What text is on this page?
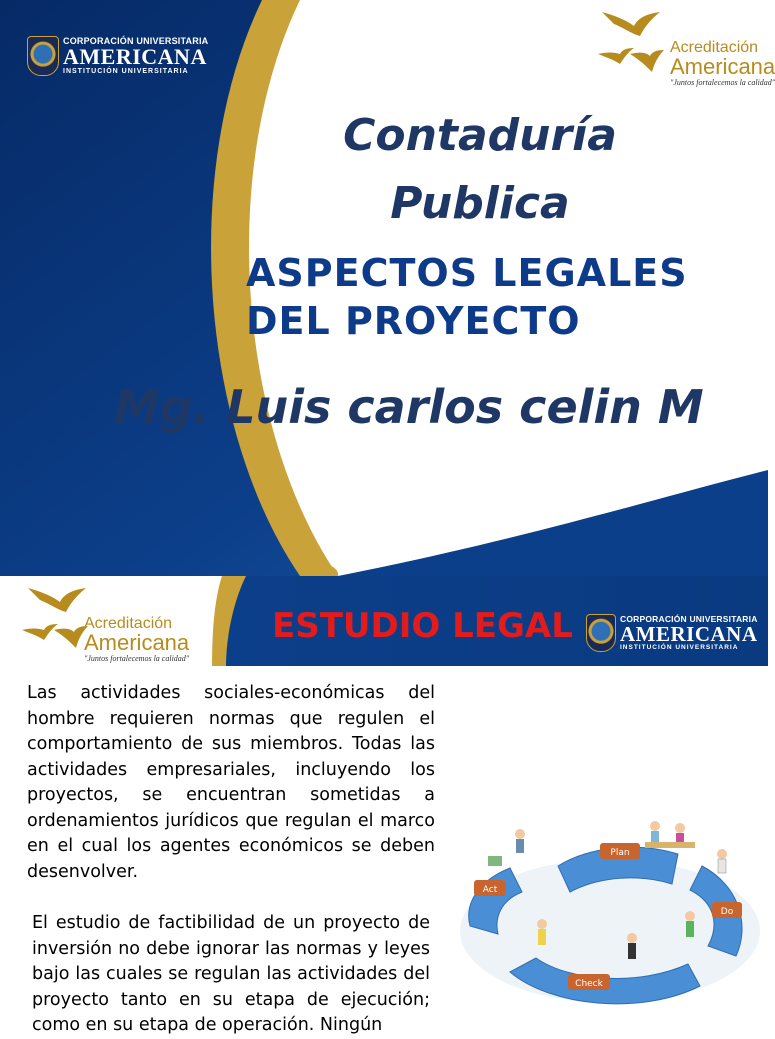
CORPORACIÓN UNIVERSITARIA
AMERICANA
INSTITUCIÓN UNIVERSITARIA
Acreditación
Americana
"Juntos fortalecemos la calidad"
Contaduría
Publica
ASPECTOS LEGALES
DEL PROYECTO
Mg. Luis carlos celin M
Acreditación
Americana
"Juntos fortalecemos la calidad"
ESTUDIO LEGAL	CORPORACIÓN UNIVERSITARIA
AMERICANA
INSTITUCIÓN UNIVERSITARIA
Las actividades sociales-económicas del hombre requieren normas que regulen el comportamiento de sus miembros. Todas las actividades empresariales, incluyendo los proyectos, se encuentran sometidas a ordenamientos jurídicos que regulan el marco en el cual los agentes económicos se deben desenvolver.
El estudio de factibilidad de un proyecto de inversión no debe ignorar las normas y leyes bajo las cuales se regulan las actividades del proyecto tanto en su etapa de ejecución; como en su etapa de operación. Ningún
Plan
Do
Check
Act
